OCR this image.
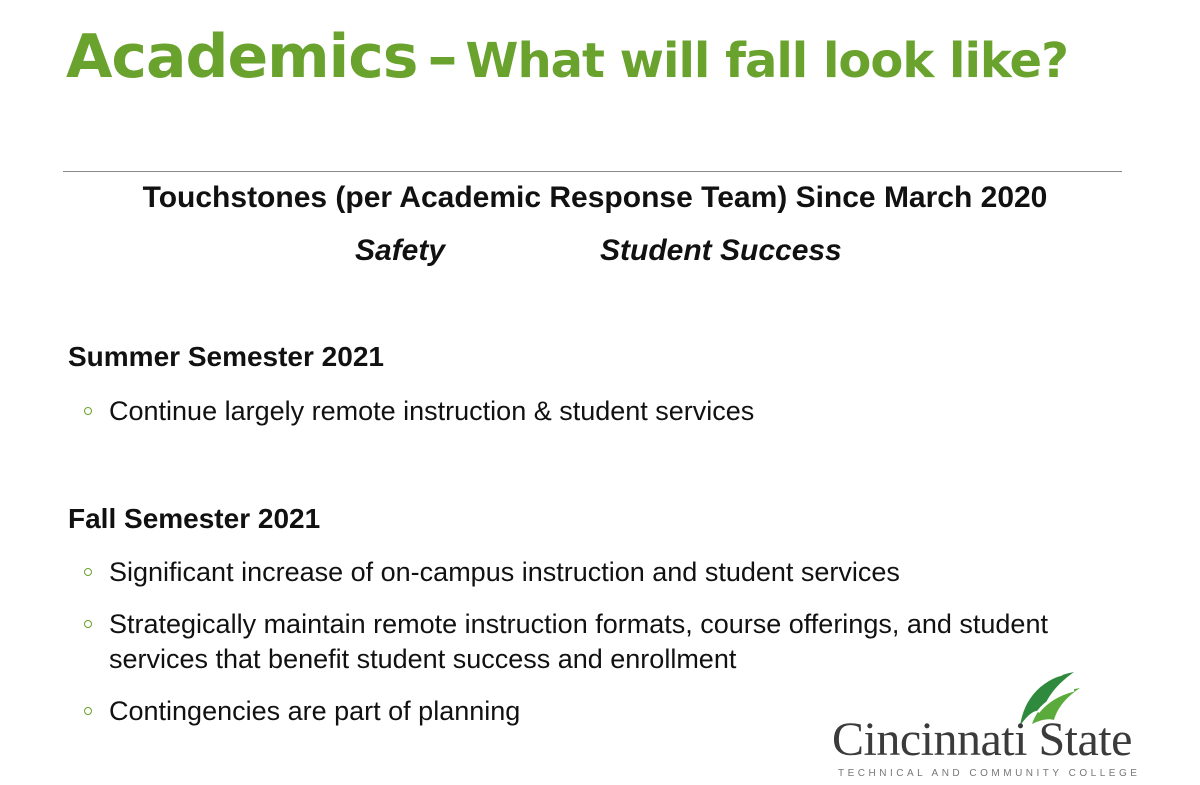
Academics – What will fall look like?
Touchstones (per Academic Response Team) Since March 2020
Safety	Student Success
Summer Semester 2021
Continue largely remote instruction & student services
Fall Semester 2021
Significant increase of on-campus instruction and student services
Strategically maintain remote instruction formats, course offerings, and student services that benefit student success and enrollment
Contingencies are part of planning
Cincinnati State
TECHNICAL AND COMMUNITY COLLEGE
